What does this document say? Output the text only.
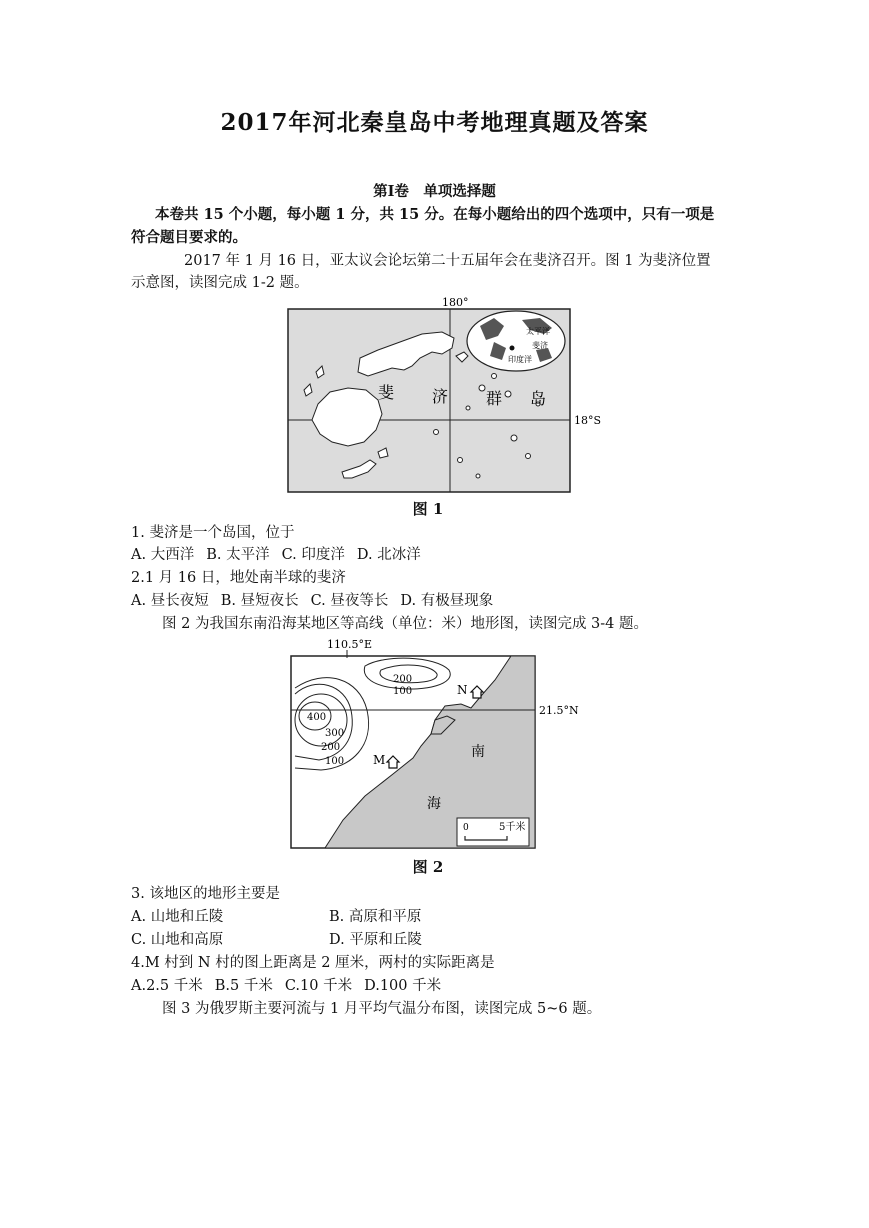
2017年河北秦皇岛中考地理真题及答案
第Ⅰ卷　单项选择题
本卷共 15 个小题，每小题 1 分，共 15 分。在每小题给出的四个选项中，只有一项是
符合题目要求的。
2017 年 1 月 16 日，亚太议会论坛第二十五届年会在斐济召开。图 1 为斐济位置
示意图，读图完成 1-2 题。
180°
18°S
斐 济 群 岛
太平洋
斐济
印度洋
图 1
1. 斐济是一个岛国，位于
A. 大西洋 B. 太平洋 C. 印度洋 D. 北冰洋
2.1 月 16 日，地处南半球的斐济
A. 昼长夜短 B. 昼短夜长 C. 昼夜等长 D. 有极昼现象
图 2 为我国东南沿海某地区等高线（单位：米）地形图，读图完成 3-4 题。
110.5°E
21.5°N
400
300
200
100
200
100	N
M	南
海
0	5千米
图 2
3. 该地区的地形主要是
A. 山地和丘陵	B. 高原和平原
C. 山地和高原	D. 平原和丘陵
4.M 村到 N 村的图上距离是 2 厘米，两村的实际距离是
A.2.5 千米 B.5 千米 C.10 千米 D.100 千米
图 3 为俄罗斯主要河流与 1 月平均气温分布图，读图完成 5~6 题。
